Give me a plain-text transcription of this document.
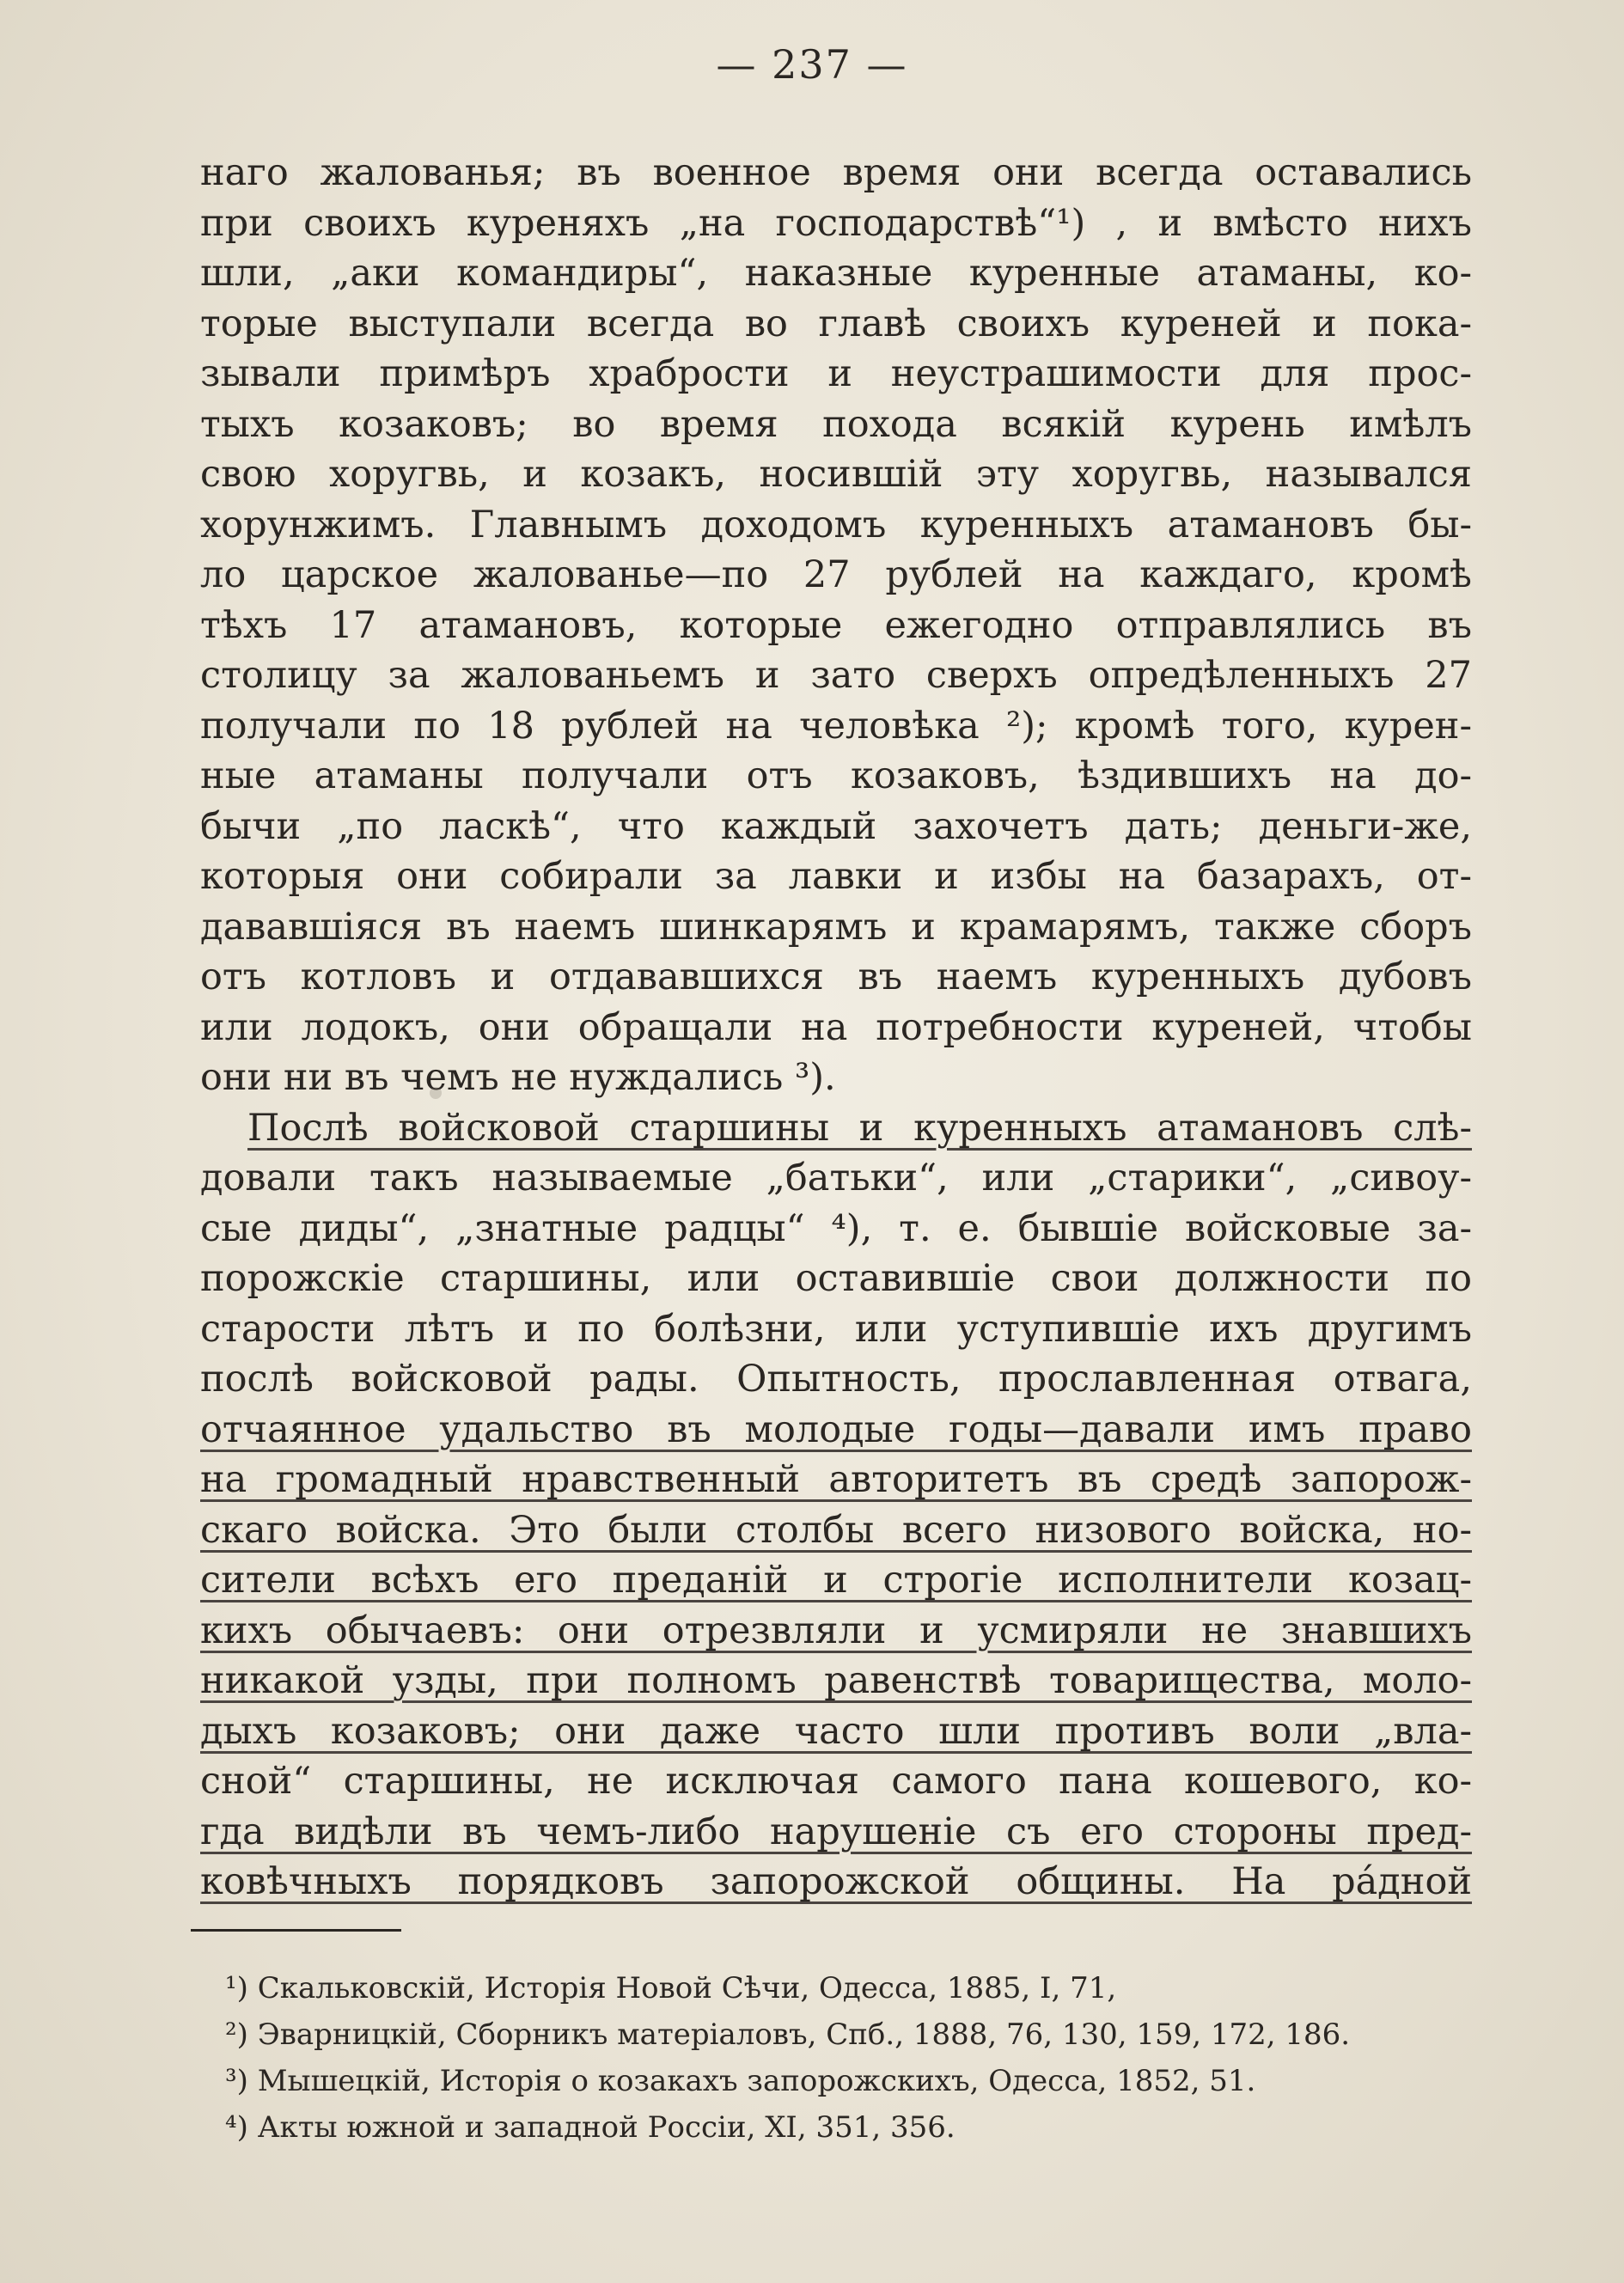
— 237 —
наго жалованья; въ военное время они всегда оставались
при своихъ куреняхъ „на господарствѣ“¹) , и вмѣсто нихъ
шли, „аки командиры“, наказные куренные атаманы, ко-
торые выступали всегда во главѣ своихъ куреней и пока-
зывали примѣръ храбрости и неустрашимости для прос-
тыхъ козаковъ; во время похода всякій курень имѣлъ
свою хоругвь, и козакъ, носившій эту хоругвь, назывался
хорунжимъ. Главнымъ доходомъ куренныхъ атамановъ бы-
ло царское жалованье—по 27 рублей на каждаго, кромѣ
тѣхъ 17 атамановъ, которые ежегодно отправлялись въ
столицу за жалованьемъ и зато сверхъ опредѣленныхъ 27
получали по 18 рублей на человѣка ²); кромѣ того, курен-
ные атаманы получали отъ козаковъ, ѣздившихъ на до-
бычи „по ласкѣ“, что каждый захочетъ дать; деньги-же,
которыя они собирали за лавки и избы на базарахъ, от-
дававшіяся въ наемъ шинкарямъ и крамарямъ, также сборъ
отъ котловъ и отдававшихся въ наемъ куренныхъ дубовъ
или лодокъ, они обращали на потребности куреней, чтобы
они ни въ чемъ не нуждались ³).
Послѣ войсковой старшины и куренныхъ атамановъ слѣ-
довали такъ называемые „батьки“, или „старики“, „сивоу-
сые диды“, „знатные радцы“ ⁴), т. е. бывшіе войсковые за-
порожскіе старшины, или оставившіе свои должности по
старости лѣтъ и по болѣзни, или уступившіе ихъ другимъ
послѣ войсковой рады. Опытность, прославленная отвага,
отчаянное удальство въ молодые годы—давали имъ право
на громадный нравственный авторитетъ въ средѣ запорож-
скаго войска. Это были столбы всего низового войска, но-
сители всѣхъ его преданій и строгіе исполнители козац-
кихъ обычаевъ: они отрезвляли и усмиряли не знавшихъ
никакой узды, при полномъ равенствѣ товарищества, моло-
дыхъ козаковъ; они даже часто шли противъ воли „вла-
сной“ старшины, не исключая самого пана кошевого, ко-
гда видѣли въ чемъ-либо нарушеніе съ его стороны пред-
ковѣчныхъ порядковъ запорожской общины. На рáдной
¹) Скальковскій, Исторія Новой Сѣчи, Одесса, 1885, I, 71,
²) Эварницкій, Сборникъ матеріаловъ, Спб., 1888, 76, 130, 159, 172, 186.
³) Мышецкій, Исторія о козакахъ запорожскихъ, Одесса, 1852, 51.
⁴) Акты южной и западной Россіи, XI, 351, 356.
